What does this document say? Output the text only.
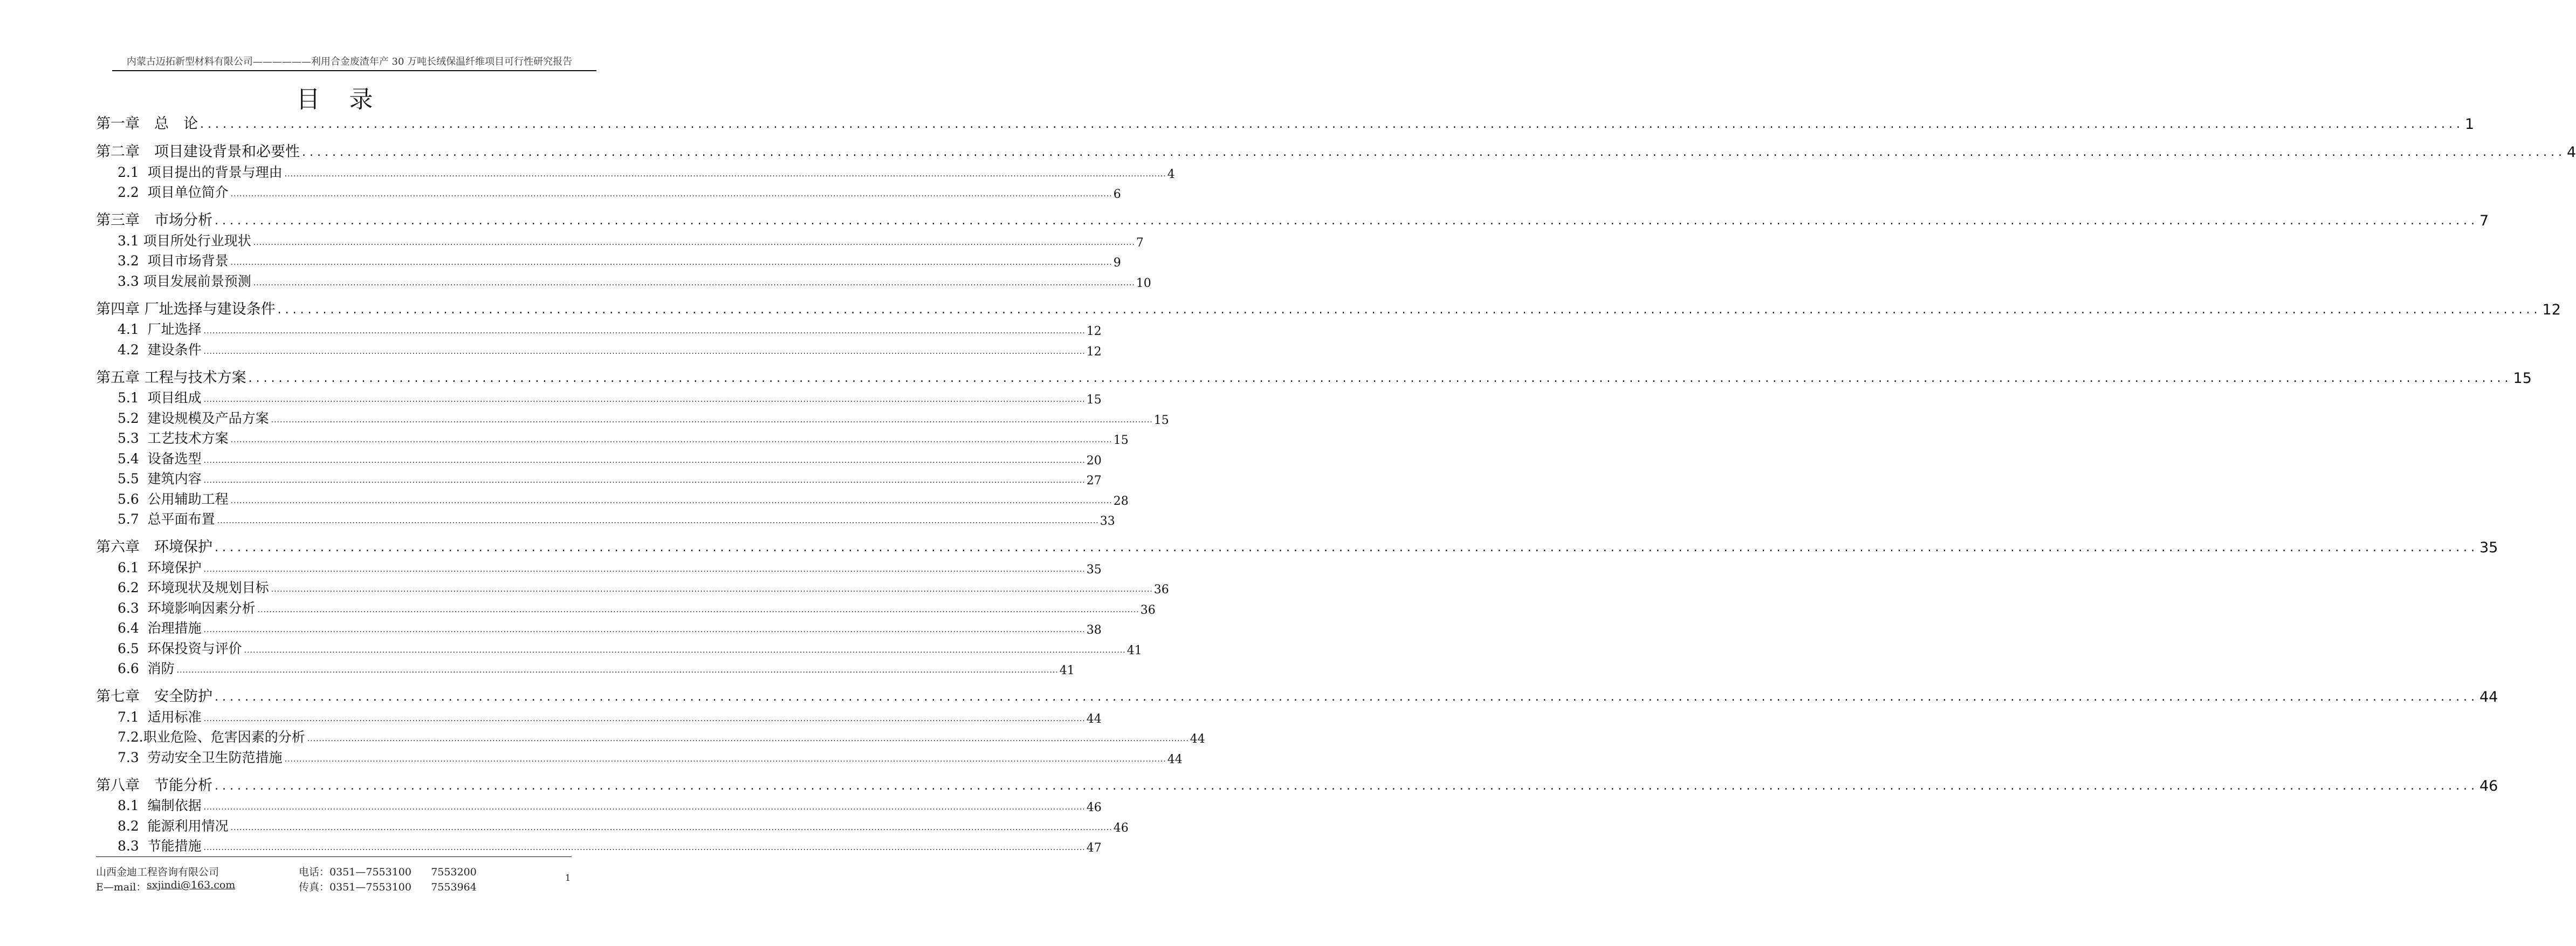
内蒙古迈拓新型材料有限公司——————利用合金废渣年产 30 万吨长绒保温纤维项目可行性研究报告
目录
第一章　总　论 ............................................................................................................................................................................................................................................................................................................ 1
第二章　项目建设背景和必要性 ............................................................................................................................................................................................................................................................................................................ 4
2.1  项目提出的背景与理由 ............................................................................................................................................................................................................................................................................................................ 4
2.2  项目单位简介 ............................................................................................................................................................................................................................................................................................................ 6
第三章　市场分析 ............................................................................................................................................................................................................................................................................................................ 7
3.1 项目所处行业现状 ............................................................................................................................................................................................................................................................................................................ 7
3.2  项目市场背景 ............................................................................................................................................................................................................................................................................................................ 9
3.3 项目发展前景预测 ............................................................................................................................................................................................................................................................................................................ 10
第四章 厂址选择与建设条件 ............................................................................................................................................................................................................................................................................................................ 12
4.1  厂址选择 ............................................................................................................................................................................................................................................................................................................ 12
4.2  建设条件 ............................................................................................................................................................................................................................................................................................................ 12
第五章 工程与技术方案 ............................................................................................................................................................................................................................................................................................................ 15
5.1  项目组成 ............................................................................................................................................................................................................................................................................................................ 15
5.2  建设规模及产品方案 ............................................................................................................................................................................................................................................................................................................ 15
5.3  工艺技术方案 ............................................................................................................................................................................................................................................................................................................ 15
5.4  设备选型 ............................................................................................................................................................................................................................................................................................................ 20
5.5  建筑内容 ............................................................................................................................................................................................................................................................................................................ 27
5.6  公用辅助工程 ............................................................................................................................................................................................................................................................................................................ 28
5.7  总平面布置 ............................................................................................................................................................................................................................................................................................................ 33
第六章　环境保护 ............................................................................................................................................................................................................................................................................................................ 35
6.1  环境保护 ............................................................................................................................................................................................................................................................................................................ 35
6.2  环境现状及规划目标 ............................................................................................................................................................................................................................................................................................................ 36
6.3  环境影响因素分析 ............................................................................................................................................................................................................................................................................................................ 36
6.4  治理措施 ............................................................................................................................................................................................................................................................................................................ 38
6.5  环保投资与评价 ............................................................................................................................................................................................................................................................................................................ 41
6.6  消防 ............................................................................................................................................................................................................................................................................................................ 41
第七章　安全防护 ............................................................................................................................................................................................................................................................................................................ 44
7.1  适用标准 ............................................................................................................................................................................................................................................................................................................ 44
7.2.职业危险、危害因素的分析 ............................................................................................................................................................................................................................................................................................................ 44
7.3  劳动安全卫生防范措施 ............................................................................................................................................................................................................................................................................................................ 44
第八章　节能分析 ............................................................................................................................................................................................................................................................................................................ 46
8.1  编制依据 ............................................................................................................................................................................................................................................................................................................ 46
8.2  能源利用情况 ............................................................................................................................................................................................................................................................................................................ 46
8.3  节能措施 ............................................................................................................................................................................................................................................................................................................ 47
山西金迪工程咨询有限公司
E—mail： sxjindi@163.com
电话：0351—7553100      7553200
传真：0351—7553100      7553964
1
